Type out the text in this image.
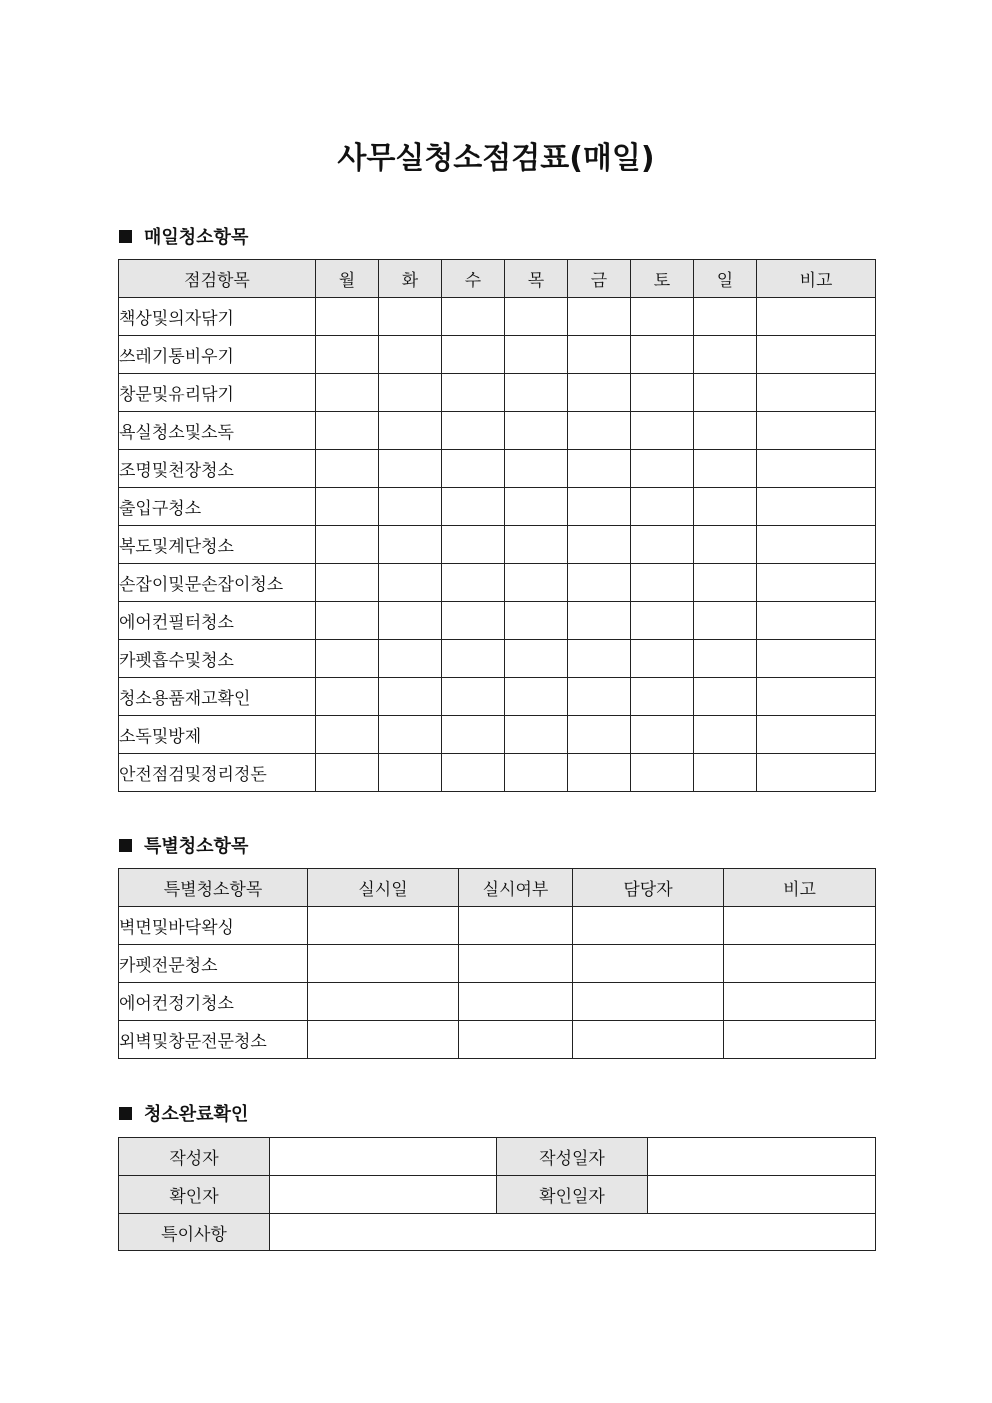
사무실청소점검표(매일)
매일청소항목
점검항목	월	화	수	목	금	토	일	비고
책상및의자닦기								
쓰레기통비우기								
창문및유리닦기								
욕실청소및소독								
조명및천장청소								
출입구청소								
복도및계단청소								
손잡이및문손잡이청소								
에어컨필터청소								
카펫흡수및청소								
청소용품재고확인								
소독및방제								
안전점검및정리정돈								
특별청소항목
특별청소항목	실시일	실시여부	담당자	비고
벽면및바닥왁싱				
카펫전문청소				
에어컨정기청소				
외벽및창문전문청소				
청소완료확인
작성자		작성일자	
확인자		확인일자	
특이사항			
